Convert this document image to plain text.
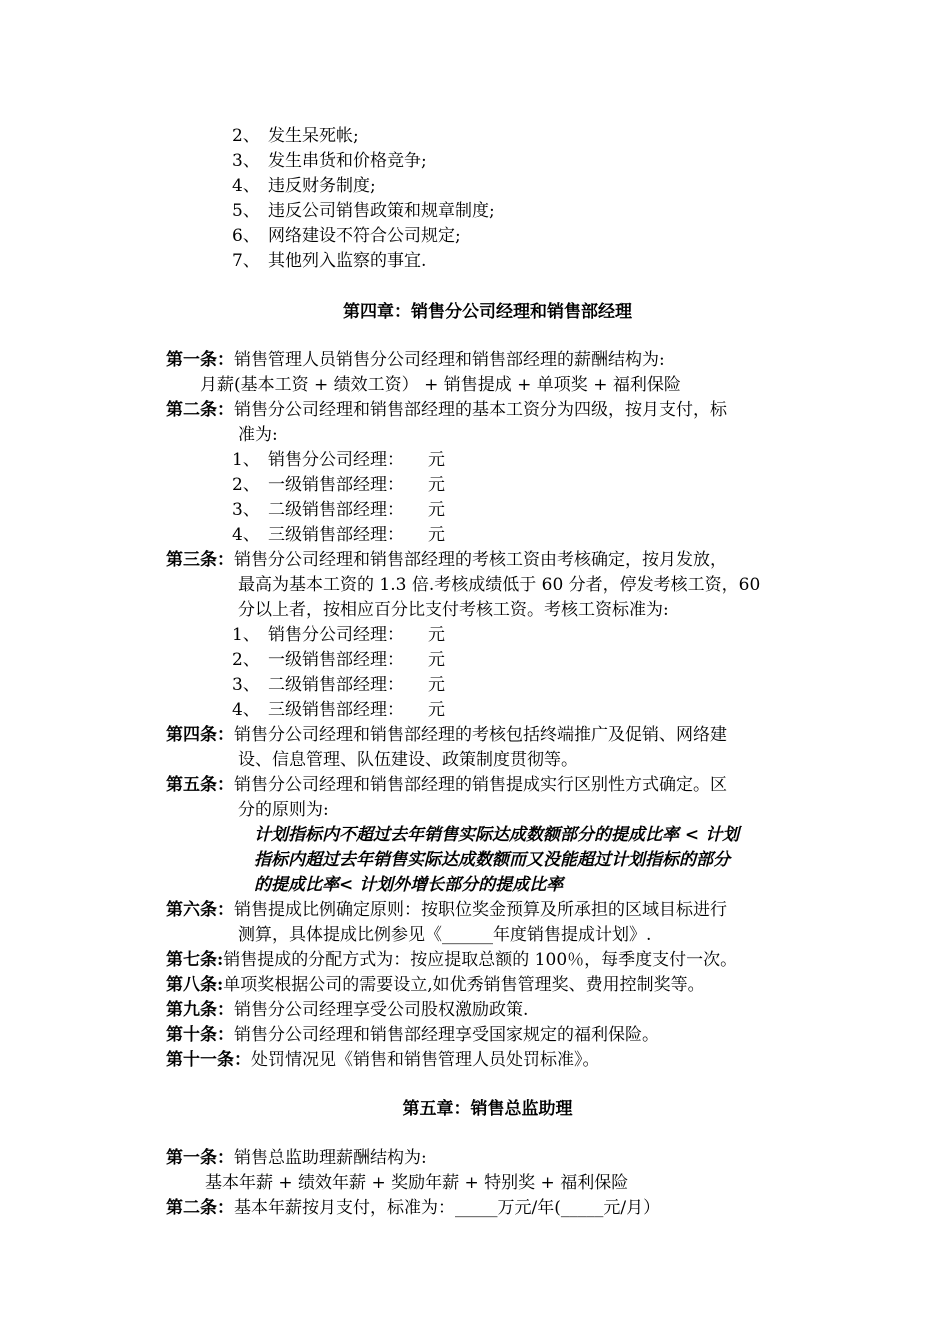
2、 发生呆死帐;
3、 发生串货和价格竞争;
4、 违反财务制度;
5、 违反公司销售政策和规章制度;
6、 网络建设不符合公司规定;
7、 其他列入监察的事宜.
第四章：销售分公司经理和销售部经理
第一条：销售管理人员销售分公司经理和销售部经理的薪酬结构为:
月薪(基本工资 + 绩效工资） + 销售提成 + 单项奖 + 福利保险
第二条：销售分公司经理和销售部经理的基本工资分为四级，按月支付，标
准为:
1、 销售分公司经理： 元
2、 一级销售部经理： 元
3、 二级销售部经理： 元
4、 三级销售部经理： 元
第三条：销售分公司经理和销售部经理的考核工资由考核确定，按月发放，
最高为基本工资的 1.3 倍.考核成绩低于 60 分者，停发考核工资，60
分以上者，按相应百分比支付考核工资。考核工资标准为:
1、 销售分公司经理： 元
2、 一级销售部经理： 元
3、 二级销售部经理： 元
4、 三级销售部经理： 元
第四条：销售分公司经理和销售部经理的考核包括终端推广及促销、网络建
设、信息管理、队伍建设、政策制度贯彻等。
第五条：销售分公司经理和销售部经理的销售提成实行区别性方式确定。区
分的原则为:
计划指标内不超过去年销售实际达成数额部分的提成比率 < 计划
指标内超过去年销售实际达成数额而又没能超过计划指标的部分
的提成比率< 计划外增长部分的提成比率
第六条：销售提成比例确定原则：按职位奖金预算及所承担的区域目标进行
测算，具体提成比例参见《______年度销售提成计划》.
第七条:销售提成的分配方式为：按应提取总额的 100％，每季度支付一次。
第八条:单项奖根据公司的需要设立,如优秀销售管理奖、费用控制奖等。
第九条：销售分公司经理享受公司股权激励政策.
第十条：销售分公司经理和销售部经理享受国家规定的福利保险。
第十一条：处罚情况见《销售和销售管理人员处罚标准》。
第五章：销售总监助理
第一条：销售总监助理薪酬结构为:
基本年薪 + 绩效年薪 + 奖励年薪 + 特别奖 + 福利保险
第二条：基本年薪按月支付，标准为：_____万元/年(_____元/月）
